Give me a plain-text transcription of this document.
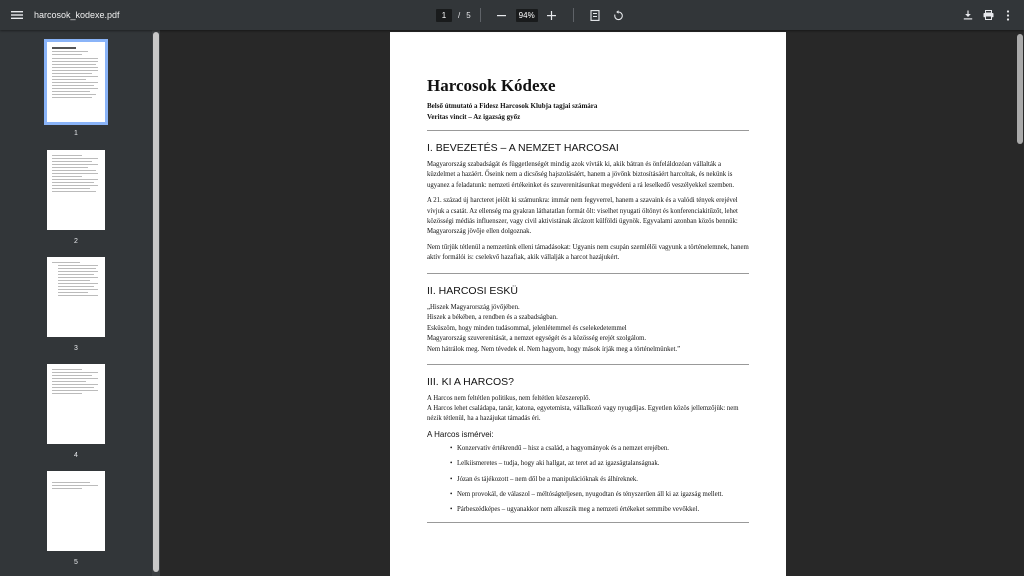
harcosok_kodexe.pdf	1	/ 5	94%
1
2
3
4
5
Harcosok Kódexe
Belső útmutató a Fidesz Harcosok Klubja tagjai számára
Veritas vincit – Az igazság győz
I. BEVEZETÉS – A NEMZET HARCOSAI
Magyarország szabadságát és függetlenségét mindig azok vívták ki, akik bátran és önfeláldozóan vállalták a küzdelmet a hazáért. Őseink nem a dicsőség hajszolásáért, hanem a jövőnk biztosításáért harcoltak, és nekünk is ugyanez a feladatunk: nemzeti értékeinket és szuverenitásunkat megvédeni a rá leselkedő veszélyekkel szemben.
A 21. század új harcteret jelölt ki számunkra: immár nem fegyverrel, hanem a szavaink és a valódi tények erejével vívjuk a csatát. Az ellenség ma gyakran láthatatlan formát ölt: viselhet nyugati öltönyt és konferenciakitűzőt, lehet közösségi médiás influenszer, vagy civil aktivistának álcázott külföldi ügynök. Egyvalami azonban közös bennük: Magyarország jövője ellen dolgoznak.
Nem tűrjük tétlenül a nemzetünk elleni támadásokat: Ugyanis nem csupán szemlélői vagyunk a történelemnek, hanem aktív formálói is: cselekvő hazafiak, akik vállalják a harcot hazájukért.
II. HARCOSI ESKÜ
„Hiszek Magyarország jövőjében.
Hiszek a békében, a rendben és a szabadságban.
Esküszöm, hogy minden tudásommal, jelenlétemmel és cselekedetemmel
Magyarország szuverenitását, a nemzet egységét és a közösség erejét szolgálom.
Nem hátrálok meg. Nem tévedek el. Nem hagyom, hogy mások írják meg a történelmünket.”
III. KI A HARCOS?
A Harcos nem feltétlen politikus, nem feltétlen közszereplő.
A Harcos lehet családapa, tanár, katona, egyetemista, vállalkozó vagy nyugdíjas. Egyetlen közös jellemzőjük: nem nézik tétlenül, ha a hazájukat támadás éri.
A Harcos ismérvei:
• Konzervatív értékrendű – hisz a család, a hagyományok és a nemzet erejében.
• Lelkiismeretes – tudja, hogy aki hallgat, az teret ad az igazságtalanságnak.
• Józan és tájékozott – nem dől be a manipulációknak és álhíreknek.
• Nem provokál, de válaszol – méltóságteljesen, nyugodtan és tényszerűen áll ki az igazság mellett.
• Párbeszédképes – ugyanakkor nem alkuszik meg a nemzeti értékeket semmibe vevőkkel.
